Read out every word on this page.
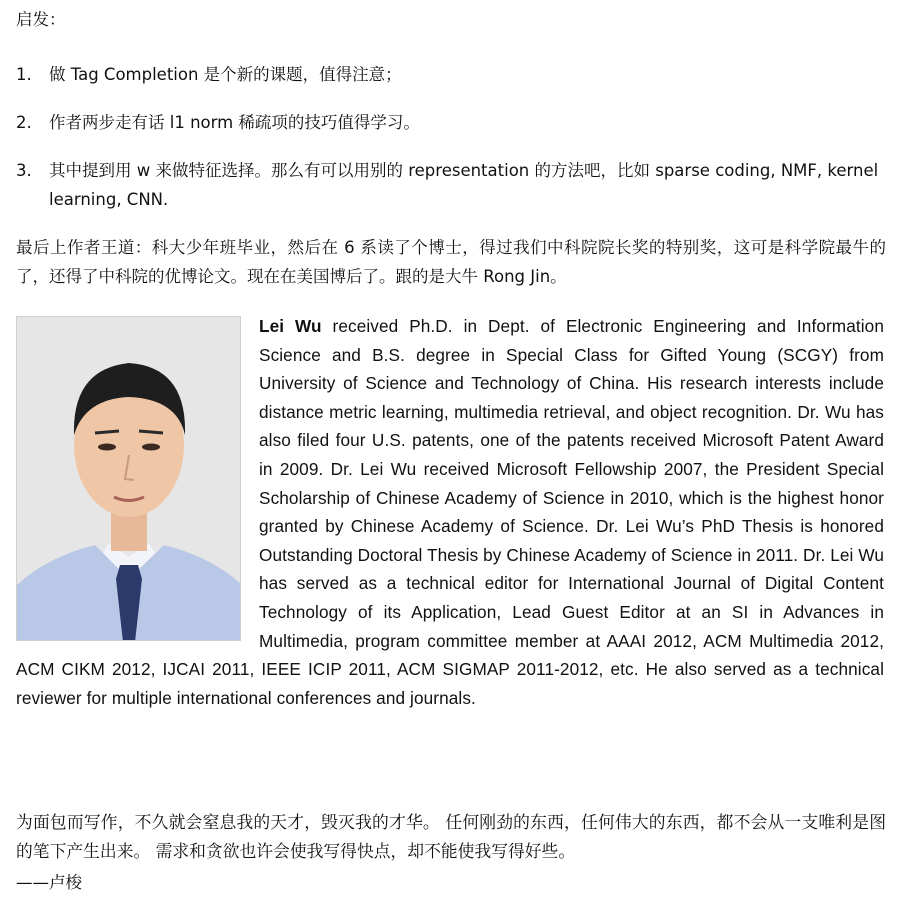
启发：
1.	做 Tag Completion 是个新的课题，值得注意；
2.	作者两步走有话 l1 norm 稀疏项的技巧值得学习。
3.	其中提到用 w 来做特征选择。那么有可以用别的 representation 的方法吧，比如 sparse coding, NMF, kernel learning, CNN.
最后上作者王道：科大少年班毕业，然后在 6 系读了个博士，得过我们中科院院长奖的特别奖，这可是科学院最牛的了，还得了中科院的优博论文。现在在美国博后了。跟的是大牛 Rong Jin。
Lei Wu received Ph.D. in Dept. of Electronic Engineering and Information Science and B.S. degree in Special Class for Gifted Young (SCGY) from University of Science and Technology of China. His research interests include distance metric learning, multimedia retrieval, and object recognition. Dr. Wu has also filed four U.S. patents, one of the patents received Microsoft Patent Award in 2009. Dr. Lei Wu received Microsoft Fellowship 2007, the President Special Scholarship of Chinese Academy of Science in 2010, which is the highest honor granted by Chinese Academy of Science. Dr. Lei Wu’s PhD Thesis is honored Outstanding Doctoral Thesis by Chinese Academy of Science in 2011. Dr. Lei Wu has served as a technical editor for International Journal of Digital Content Technology of its Application, Lead Guest Editor at an SI in Advances in Multimedia, program committee member at AAAI 2012, ACM Multimedia 2012, ACM CIKM 2012, IJCAI 2011, IEEE ICIP 2011, ACM SIGMAP 2011-2012, etc. He also served as a technical reviewer for multiple international conferences and journals.
为面包而写作，不久就会窒息我的天才，毁灭我的才华。 任何刚劲的东西，任何伟大的东西，都不会从一支唯利是图的笔下产生出来。 需求和贪欲也许会使我写得快点，却不能使我写得好些。
——卢梭
